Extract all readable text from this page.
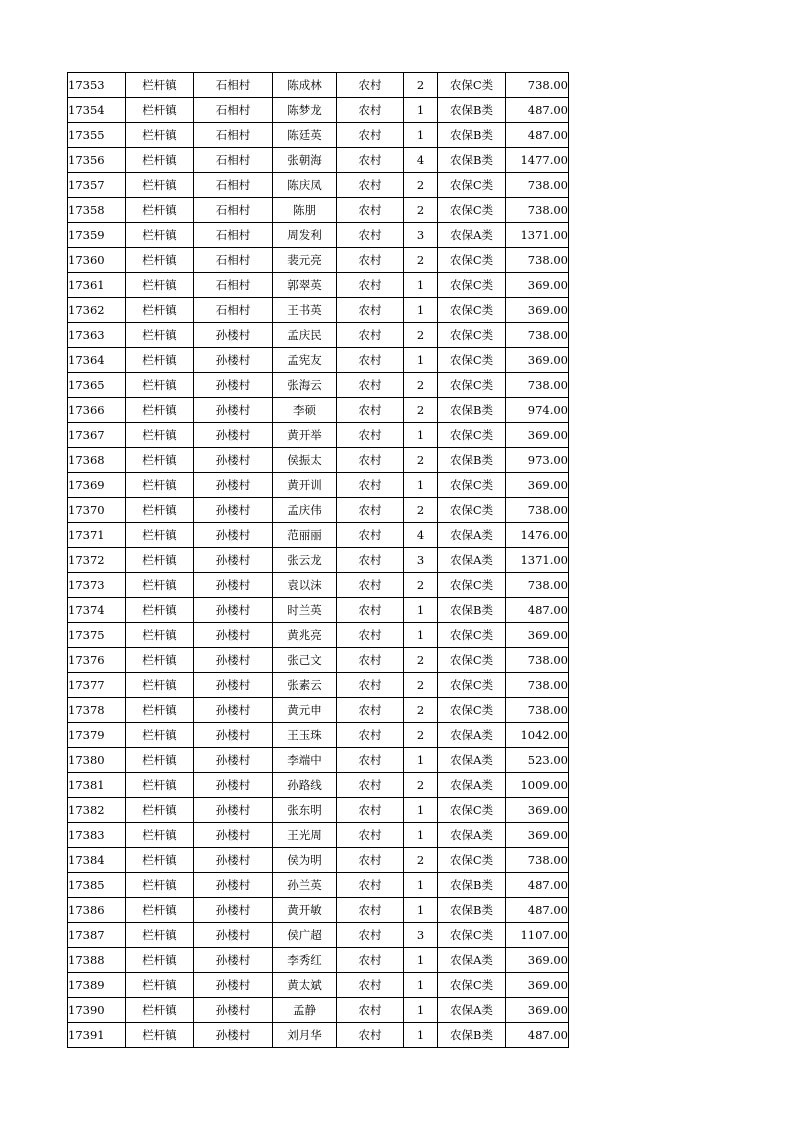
17353	栏杆镇	石相村	陈成林	农村	2	农保C类	738.00
17354	栏杆镇	石相村	陈梦龙	农村	1	农保B类	487.00
17355	栏杆镇	石相村	陈廷英	农村	1	农保B类	487.00
17356	栏杆镇	石相村	张朝海	农村	4	农保B类	1477.00
17357	栏杆镇	石相村	陈庆凤	农村	2	农保C类	738.00
17358	栏杆镇	石相村	陈朋	农村	2	农保C类	738.00
17359	栏杆镇	石相村	周发利	农村	3	农保A类	1371.00
17360	栏杆镇	石相村	裴元亮	农村	2	农保C类	738.00
17361	栏杆镇	石相村	郭翠英	农村	1	农保C类	369.00
17362	栏杆镇	石相村	王书英	农村	1	农保C类	369.00
17363	栏杆镇	孙楼村	孟庆民	农村	2	农保C类	738.00
17364	栏杆镇	孙楼村	孟宪友	农村	1	农保C类	369.00
17365	栏杆镇	孙楼村	张海云	农村	2	农保C类	738.00
17366	栏杆镇	孙楼村	李硕	农村	2	农保B类	974.00
17367	栏杆镇	孙楼村	黄开举	农村	1	农保C类	369.00
17368	栏杆镇	孙楼村	侯振太	农村	2	农保B类	973.00
17369	栏杆镇	孙楼村	黄开训	农村	1	农保C类	369.00
17370	栏杆镇	孙楼村	孟庆伟	农村	2	农保C类	738.00
17371	栏杆镇	孙楼村	范丽丽	农村	4	农保A类	1476.00
17372	栏杆镇	孙楼村	张云龙	农村	3	农保A类	1371.00
17373	栏杆镇	孙楼村	袁以沫	农村	2	农保C类	738.00
17374	栏杆镇	孙楼村	时兰英	农村	1	农保B类	487.00
17375	栏杆镇	孙楼村	黄兆亮	农村	1	农保C类	369.00
17376	栏杆镇	孙楼村	张己文	农村	2	农保C类	738.00
17377	栏杆镇	孙楼村	张素云	农村	2	农保C类	738.00
17378	栏杆镇	孙楼村	黄元申	农村	2	农保C类	738.00
17379	栏杆镇	孙楼村	王玉珠	农村	2	农保A类	1042.00
17380	栏杆镇	孙楼村	李端中	农村	1	农保A类	523.00
17381	栏杆镇	孙楼村	孙路线	农村	2	农保A类	1009.00
17382	栏杆镇	孙楼村	张东明	农村	1	农保C类	369.00
17383	栏杆镇	孙楼村	王光周	农村	1	农保A类	369.00
17384	栏杆镇	孙楼村	侯为明	农村	2	农保C类	738.00
17385	栏杆镇	孙楼村	孙兰英	农村	1	农保B类	487.00
17386	栏杆镇	孙楼村	黄开敏	农村	1	农保B类	487.00
17387	栏杆镇	孙楼村	侯广超	农村	3	农保C类	1107.00
17388	栏杆镇	孙楼村	李秀红	农村	1	农保A类	369.00
17389	栏杆镇	孙楼村	黄太斌	农村	1	农保C类	369.00
17390	栏杆镇	孙楼村	孟静	农村	1	农保A类	369.00
17391	栏杆镇	孙楼村	刘月华	农村	1	农保B类	487.00
